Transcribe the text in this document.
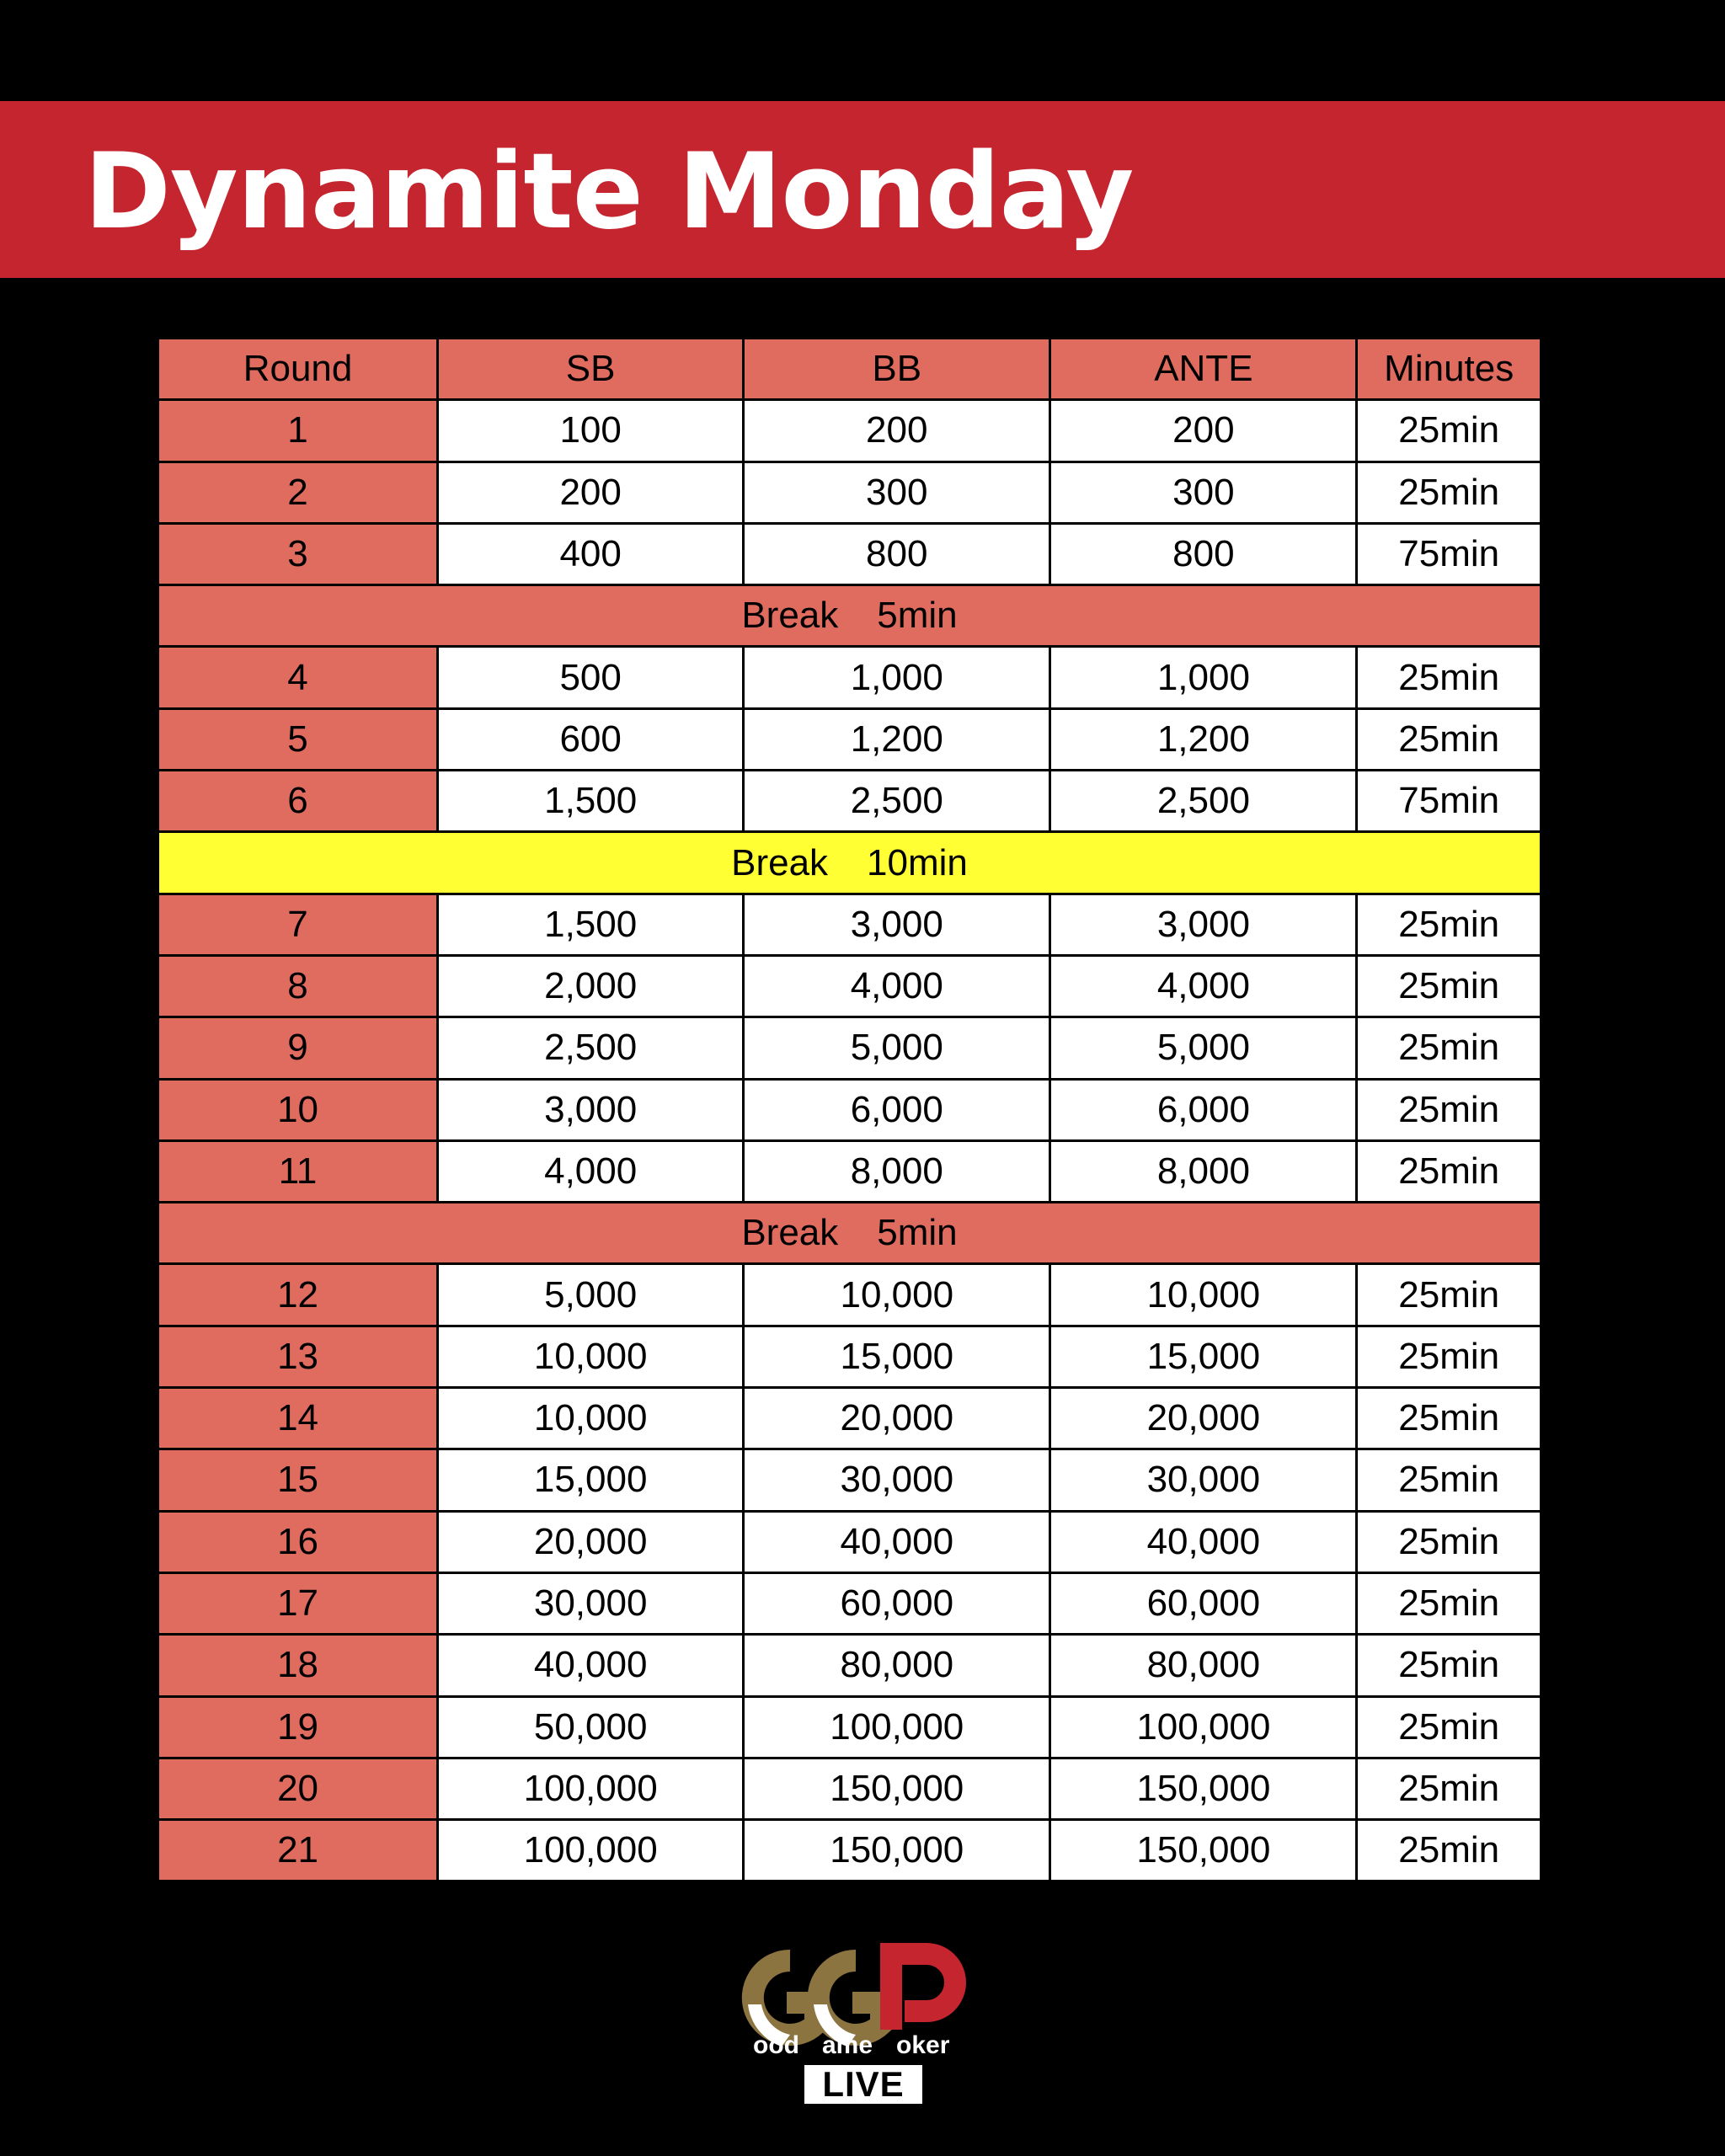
Dynamite Monday
Round	SB	BB	ANTE	Minutes
1	100	200	200	25min
2	200	300	300	25min
3	400	800	800	75min
Break 5min				
4	500	1,000	1,000	25min
5	600	1,200	1,200	25min
6	1,500	2,500	2,500	75min
Break 10min				
7	1,500	3,000	3,000	25min
8	2,000	4,000	4,000	25min
9	2,500	5,000	5,000	25min
10	3,000	6,000	6,000	25min
11	4,000	8,000	8,000	25min
Break 5min				
12	5,000	10,000	10,000	25min
13	10,000	15,000	15,000	25min
14	10,000	20,000	20,000	25min
15	15,000	30,000	30,000	25min
16	20,000	40,000	40,000	25min
17	30,000	60,000	60,000	25min
18	40,000	80,000	80,000	25min
19	50,000	100,000	100,000	25min
20	100,000	150,000	150,000	25min
21	100,000	150,000	150,000	25min
ood ame oker
LIVE
